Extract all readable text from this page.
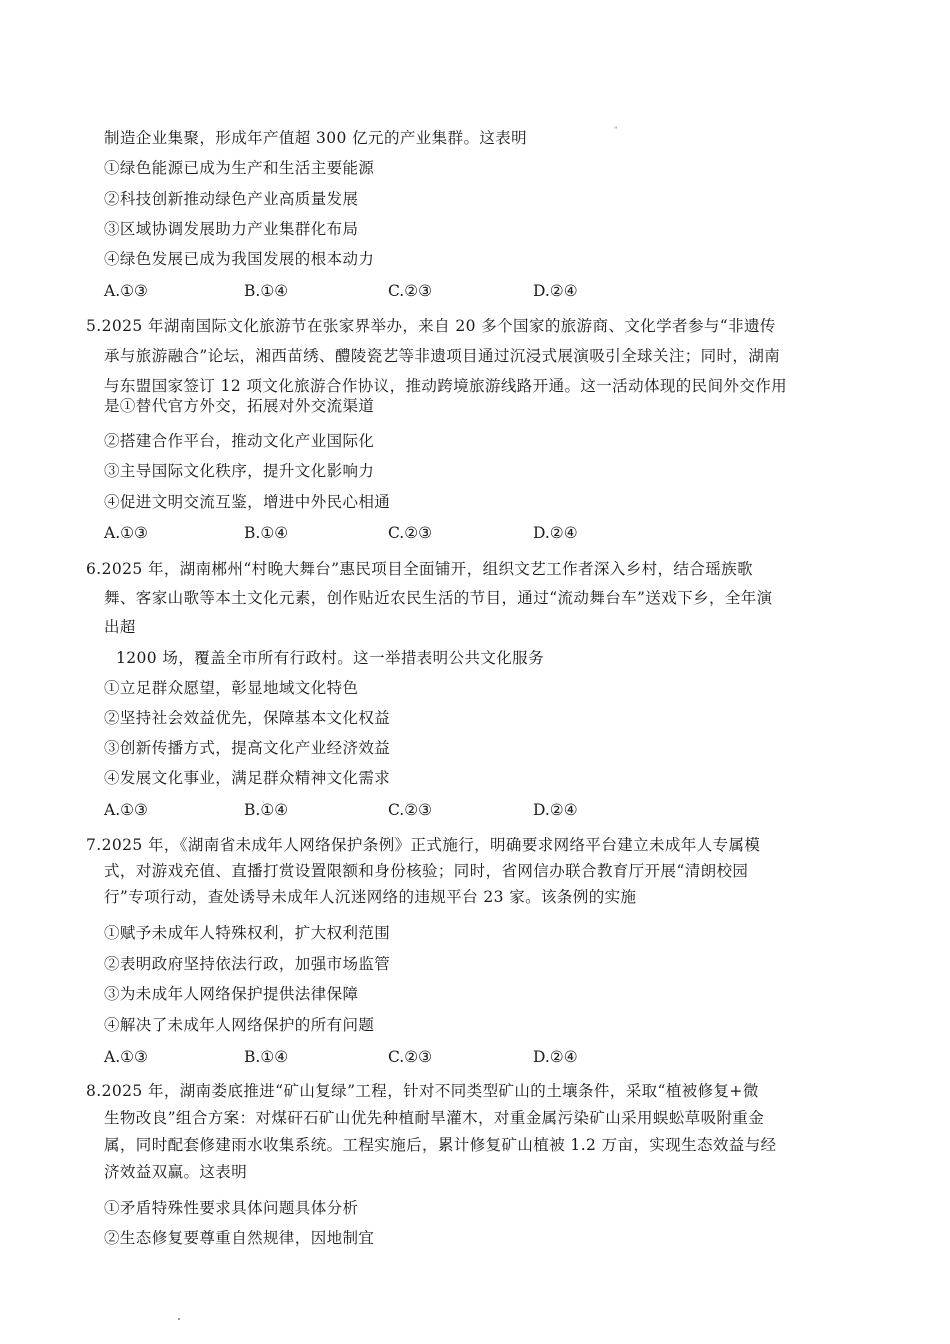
"
制造企业集聚，形成年产值超 300 亿元的产业集群。这表明
①绿色能源已成为生产和生活主要能源
②科技创新推动绿色产业高质量发展
③区域协调发展助力产业集群化布局
④绿色发展已成为我国发展的根本动力
A.①③	B.①④	C.②③	D.②④
5.2025 年湖南国际文化旅游节在张家界举办，来自 20 多个国家的旅游商、文化学者参与“非遗传
承与旅游融合”论坛，湘西苗绣、醴陵瓷艺等非遗项目通过沉浸式展演吸引全球关注；同时，湖南
与东盟国家签订 12 项文化旅游合作协议，推动跨境旅游线路开通。这一活动体现的民间外交作用
是①替代官方外交，拓展对外交流渠道
②搭建合作平台，推动文化产业国际化
③主导国际文化秩序，提升文化影响力
④促进文明交流互鉴，增进中外民心相通
A.①③	B.①④	C.②③	D.②④
6.2025 年，湖南郴州“村晚大舞台”惠民项目全面铺开，组织文艺工作者深入乡村，结合瑶族歌
舞、客家山歌等本土文化元素，创作贴近农民生活的节目，通过“流动舞台车”送戏下乡，全年演
出超
1200 场，覆盖全市所有行政村。这一举措表明公共文化服务
①立足群众愿望，彰显地域文化特色
②坚持社会效益优先，保障基本文化权益
③创新传播方式，提高文化产业经济效益
④发展文化事业，满足群众精神文化需求
A.①③	B.①④	C.②③	D.②④
7.2025 年，《湖南省未成年人网络保护条例》正式施行，明确要求网络平台建立未成年人专属模
式，对游戏充值、直播打赏设置限额和身份核验；同时，省网信办联合教育厅开展“清朗校园
行”专项行动，查处诱导未成年人沉迷网络的违规平台 23 家。该条例的实施
①赋予未成年人特殊权利，扩大权利范围
②表明政府坚持依法行政，加强市场监管
③为未成年人网络保护提供法律保障
④解决了未成年人网络保护的所有问题
A.①③	B.①④	C.②③	D.②④
8.2025 年，湖南娄底推进“矿山复绿”工程，针对不同类型矿山的土壤条件，采取“植被修复+微
生物改良”组合方案：对煤矸石矿山优先种植耐旱灌木，对重金属污染矿山采用蜈蚣草吸附重金
属，同时配套修建雨水收集系统。工程实施后，累计修复矿山植被 1.2 万亩，实现生态效益与经
济效益双赢。这表明
①矛盾特殊性要求具体问题具体分析
②生态修复要尊重自然规律，因地制宜
